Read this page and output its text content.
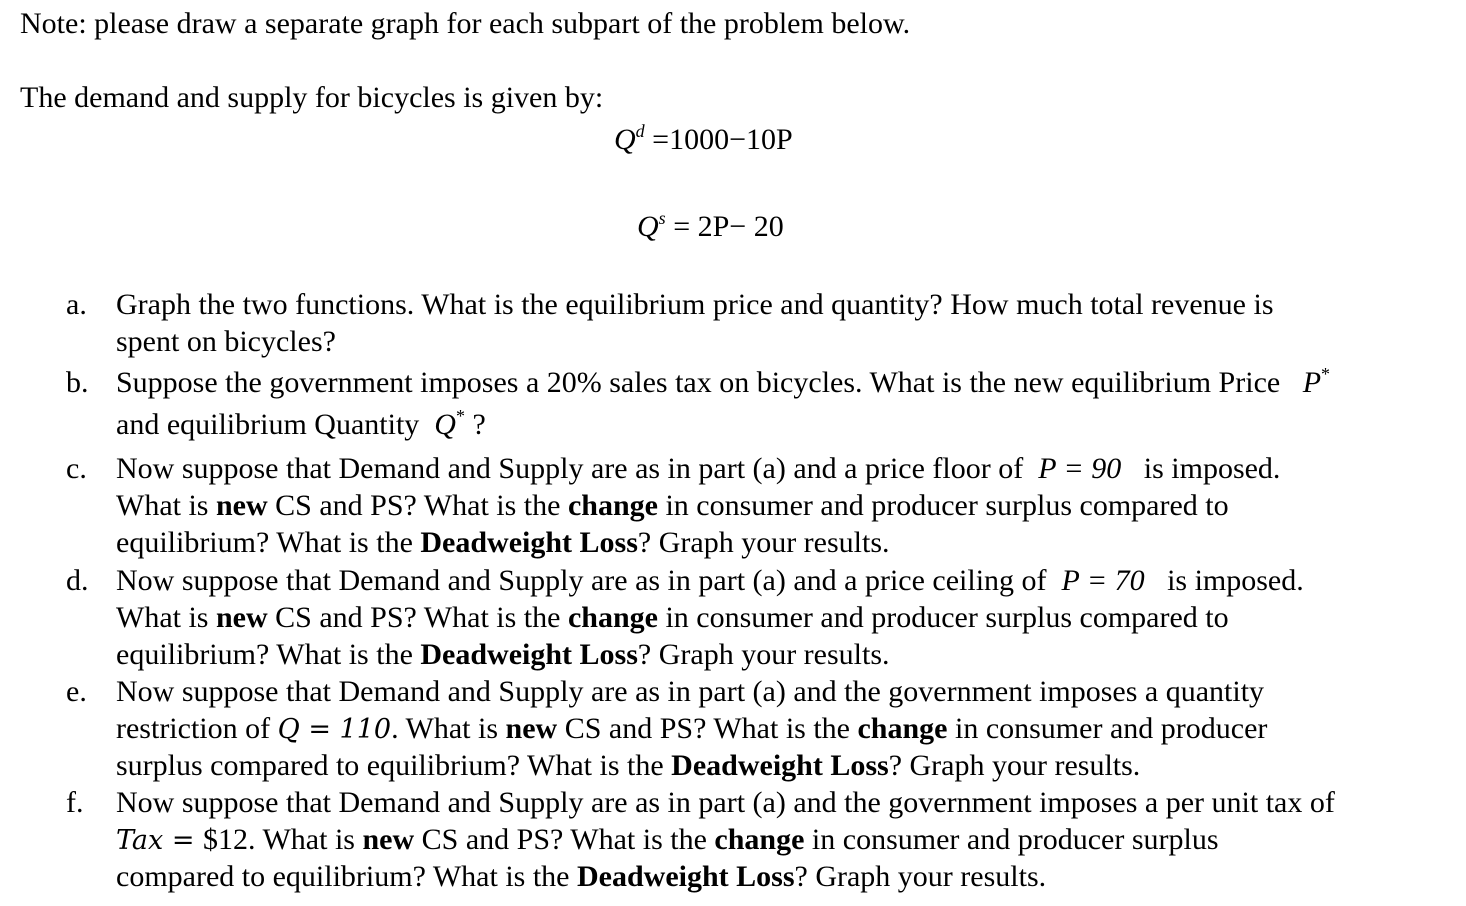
Note: please draw a separate graph for each subpart of the problem below.
The demand and supply for bicycles is given by:
$Q^d =1000-10P$
$Q^s = 2P- 20$
a. Graph the two functions. What is the equilibrium price and quantity? How much total revenue is
spent on bicycles?
b. Suppose the government imposes a 20% sales tax on bicycles. What is the new equilibrium Price P*
and equilibrium Quantity Q* ?
c. Now suppose that Demand and Supply are as in part (a) and a price floor of P = 90 is imposed.
What is new CS and PS? What is the change in consumer and producer surplus compared to
equilibrium? What is the Deadweight Loss? Graph your results.
d. Now suppose that Demand and Supply are as in part (a) and a price ceiling of P = 70 is imposed.
What is new CS and PS? What is the change in consumer and producer surplus compared to
equilibrium? What is the Deadweight Loss? Graph your results.
e. Now suppose that Demand and Supply are as in part (a) and the government imposes a quantity
restriction of Q = 110. What is new CS and PS? What is the change in consumer and producer
surplus compared to equilibrium? What is the Deadweight Loss? Graph your results.
f.	Now suppose that Demand and Supply are as in part (a) and the government imposes a per unit tax of
Tax = $12. What is new CS and PS? What is the change in consumer and producer surplus
compared to equilibrium? What is the Deadweight Loss? Graph your results.
